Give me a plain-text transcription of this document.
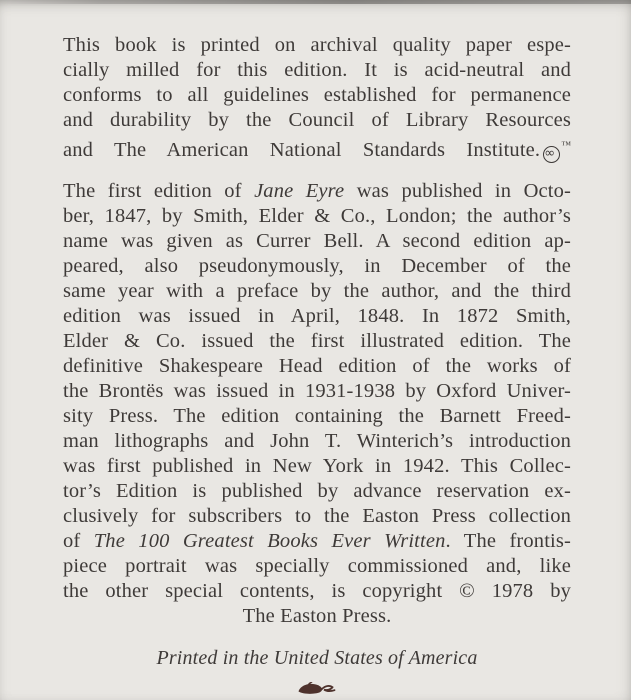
This book is printed on archival quality paper espe-
cially milled for this edition. It is acid-neutral and
conforms to all guidelines established for permanence
and durability by the Council of Library Resources
and The American National Standards Institute. ∞™
The first edition of Jane Eyre was published in Octo-
ber, 1847, by Smith, Elder & Co., London; the author’s
name was given as Currer Bell. A second edition ap-
peared, also pseudonymously, in December of the
same year with a preface by the author, and the third
edition was issued in April, 1848. In 1872 Smith,
Elder & Co. issued the first illustrated edition. The
definitive Shakespeare Head edition of the works of
the Brontës was issued in 1931-1938 by Oxford Univer-
sity Press. The edition containing the Barnett Freed-
man lithographs and John T. Winterich’s introduction
was first published in New York in 1942. This Collec-
tor’s Edition is published by advance reservation ex-
clusively for subscribers to the Easton Press collection
of The 100 Greatest Books Ever Written. The frontis-
piece portrait was specially commissioned and, like
the other special contents, is copyright © 1978 by
The Easton Press.
Printed in the United States of America
